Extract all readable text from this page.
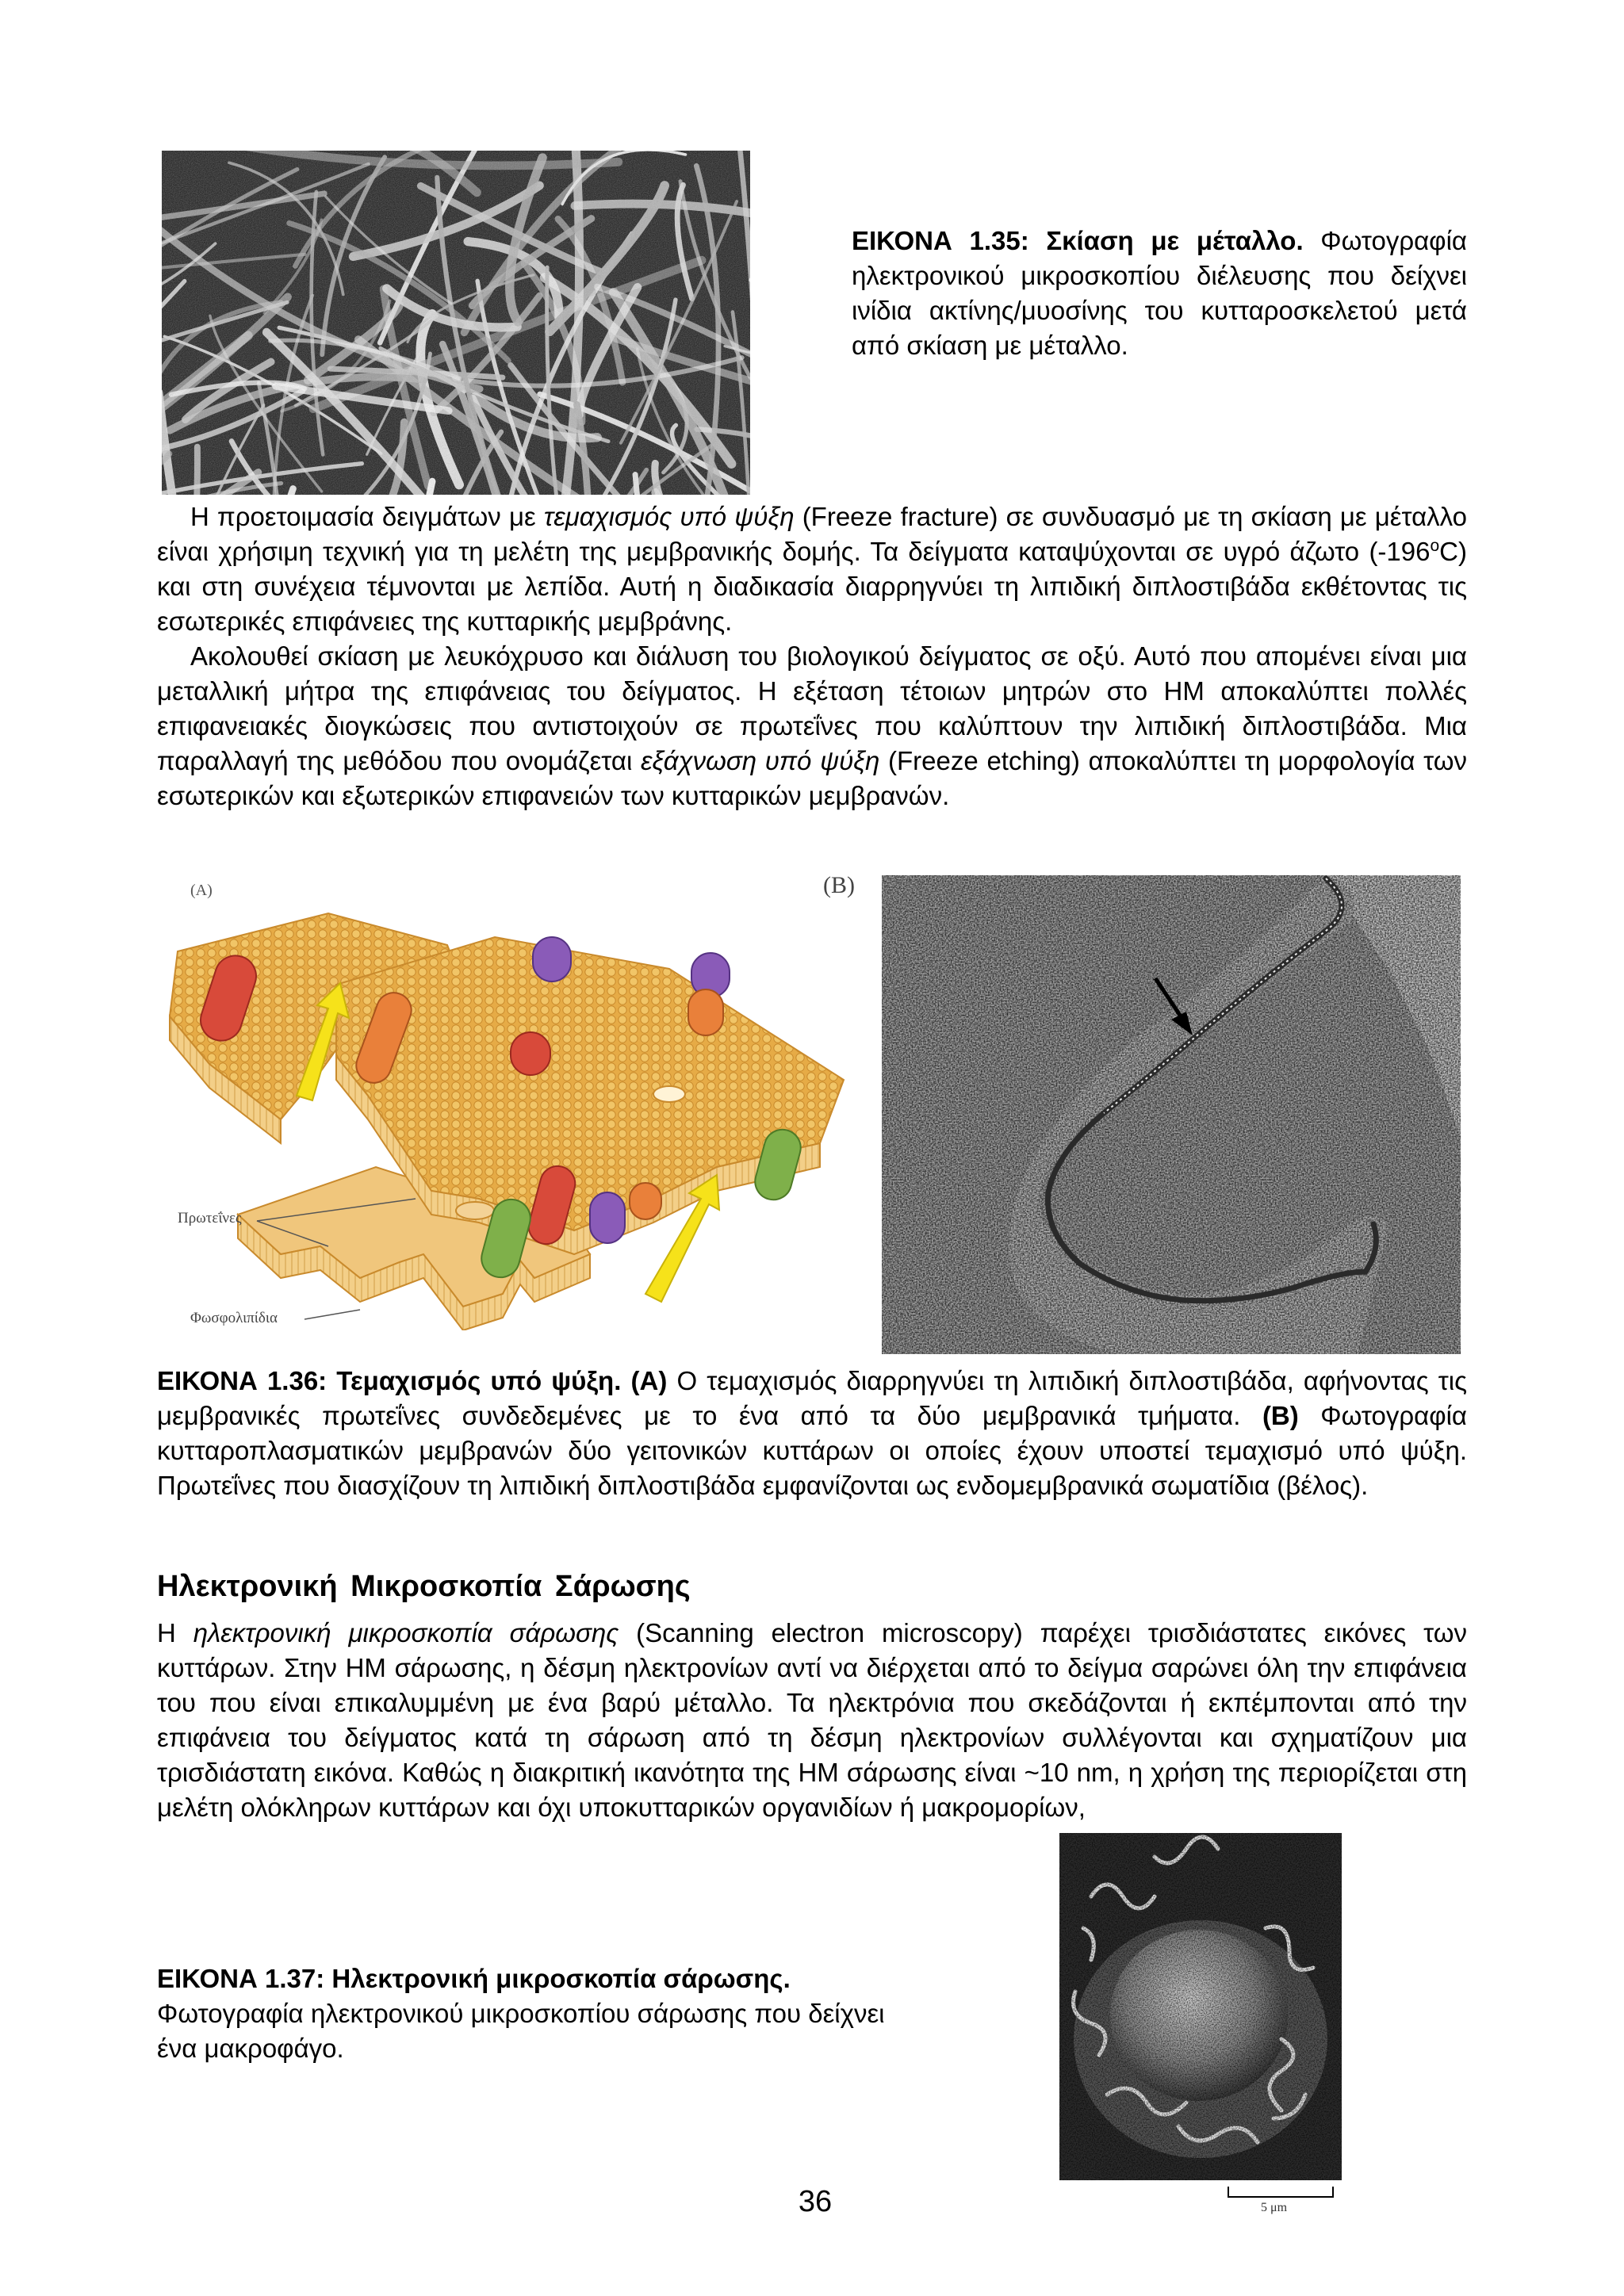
ΕΙΚΟΝΑ 1.35: Σκίαση με μέταλλο. Φωτογραφία ηλεκτρονικού μικροσκοπίου διέλευσης που δείχνει ινίδια ακτίνης/μυοσίνης του κυτταροσκελετού μετά από σκίαση με μέταλλο.

Η προετοιμασία δειγμάτων με τεμαχισμός υπό ψύξη (Freeze fracture) σε συνδυασμό με τη σκίαση με μέταλλο είναι χρήσιμη τεχνική για τη μελέτη της μεμβρανικής δομής. Τα δείγματα καταψύχονται σε υγρό άζωτο (-196$^o$C) και στη συνέχεια τέμνονται με λεπίδα. Αυτή η διαδικασία διαρρηγνύει τη λιπιδική διπλοστιβάδα εκθέτοντας τις εσωτερικές επιφάνειες της κυτταρικής μεμβράνης.

Ακολουθεί σκίαση με λευκόχρυσο και διάλυση του βιολογικού δείγματος σε οξύ. Αυτό που απομένει είναι μια μεταλλική μήτρα της επιφάνειας του δείγματος. Η εξέταση τέτοιων μητρών στο ΗΜ αποκαλύπτει πολλές επιφανειακές διογκώσεις που αντιστοιχούν σε πρωτεΐνες που καλύπτουν την λιπιδική διπλοστιβάδα. Μια παραλλαγή της μεθόδου που ονομάζεται εξάχνωση υπό ψύξη (Freeze etching) αποκαλύπτει τη μορφολογία των εσωτερικών και εξωτερικών επιφανειών των κυτταρικών μεμβρανών.

(A)
Πρωτεΐνες
Φωσφολιπίδια
(B)
ΕΙΚΟΝΑ 1.36: Τεμαχισμός υπό ψύξη. (A) Ο τεμαχισμός διαρρηγνύει τη λιπιδική διπλοστιβάδα, αφήνοντας τις μεμβρανικές πρωτεΐνες συνδεδεμένες με το ένα από τα δύο μεμβρανικά τμήματα. (B) Φωτογραφία κυτταροπλασματικών μεμβρανών δύο γειτονικών κυττάρων οι οποίες έχουν υποστεί τεμαχισμό υπό ψύξη. Πρωτεΐνες που διασχίζουν τη λιπιδική διπλοστιβάδα εμφανίζονται ως ενδομεμβρανικά σωματίδια (βέλος).
Ηλεκτρονική Μικροσκοπία Σάρωσης

Η ηλεκτρονική μικροσκοπία σάρωσης (Scanning electron microscopy) παρέχει τρισδιάστατες εικόνες των κυττάρων. Στην ΗΜ σάρωσης, η δέσμη ηλεκτρονίων αντί να διέρχεται από το δείγμα σαρώνει όλη την επιφάνεια του που είναι επικαλυμμένη με ένα βαρύ μέταλλο. Τα ηλεκτρόνια που σκεδάζονται ή εκπέμπονται από την επιφάνεια του δείγματος κατά τη σάρωση από τη δέσμη ηλεκτρονίων συλλέγονται και σχηματίζουν μια τρισδιάστατη εικόνα. Καθώς η διακριτική ικανότητα της ΗΜ σάρωσης είναι ~10 nm, η χρήση της περιορίζεται στη μελέτη ολόκληρων κυττάρων και όχι υποκυτταρικών οργανιδίων ή μακρομορίων,

ΕΙΚΟΝΑ 1.37: Ηλεκτρονική μικροσκοπία σάρωσης.
Φωτογραφία ηλεκτρονικού μικροσκοπίου σάρωσης που δείχνει ένα μακροφάγο.
5 μm
36
